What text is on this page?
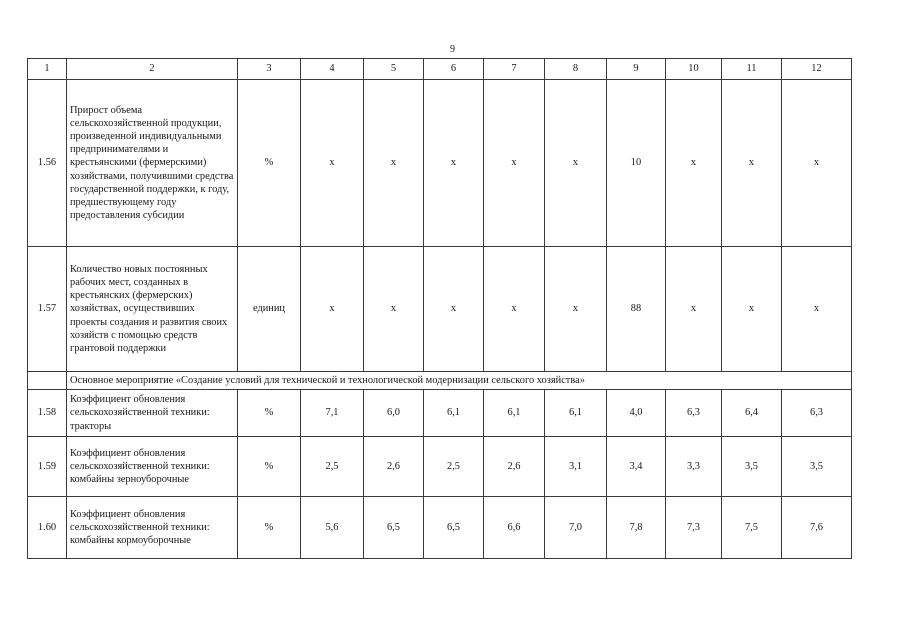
9
1	2	3	4	5	6	7	8	9	10	11	12
1.56	Прирост объема сельскохозяйственной продукции, произведенной индивидуальными предпринимателями и крестьянскими (фермерскими) хозяйствами, получившими средства государственной поддержки, к году, предшествующему году предоставления субсидии	%	x	x	x	x	x	10	x	x	x
1.57	Количество новых постоянных рабочих мест, созданных в крестьянских (фермерских) хозяйствах, осуществивших проекты создания и развития своих хозяйств с помощью средств грантовой поддержки	единиц	x	x	x	x	x	88	x	x	x
	Основное мероприятие «Создание условий для технической и технологической модернизации сельского хозяйства»										
1.58	Коэффициент обновления сельскохозяйственной техники: тракторы	%	7,1	6,0	6,1	6,1	6,1	4,0	6,3	6,4	6,3
1.59	Коэффициент обновления сельскохозяйственной техники: комбайны зерноуборочные	%	2,5	2,6	2,5	2,6	3,1	3,4	3,3	3,5	3,5
1.60	Коэффициент обновления сельскохозяйственной техники: комбайны кормоуборочные	%	5,6	6,5	6,5	6,6	7,0	7,8	7,3	7,5	7,6
